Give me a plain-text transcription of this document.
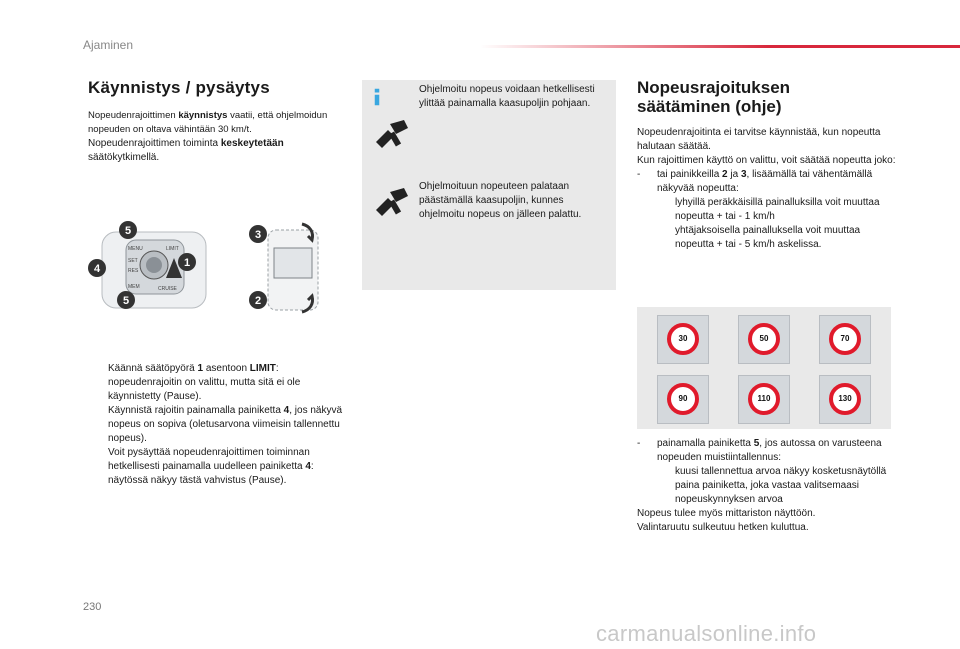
Ajaminen
Käynnistys / pysäytys
Nopeudenrajoittimen käynnistys vaatii, että ohjelmoidun nopeuden on oltava vähintään 30 km/t.
Nopeudenrajoittimen toiminta keskeytetään säätökytkimellä.
MENU
SET
RES
LIMIT
CRUISE
MEM
5
4
5
1
3
2

Käännä säätöpyörä 1 asentoon LIMIT: nopeudenrajoitin on valittu, mutta sitä ei ole käynnistetty (Pause).

Käynnistä rajoitin painamalla painiketta 4, jos näkyvä nopeus on sopiva (oletusarvona viimeisin tallennettu nopeus).

Voit pysäyttää nopeudenrajoittimen toiminnan hetkellisesti painamalla uudelleen painiketta 4: näytössä näkyy tästä vahvistus (Pause).

Ohjelmoitu nopeus voidaan hetkellisesti ylittää painamalla kaasupoljin pohjaan.
Ohjelmoituun nopeuteen palataan päästämällä kaasupoljin, kunnes ohjelmoitu nopeus on jälleen palattu.
Nopeusrajoituksen säätäminen (ohje)

Nopeudenrajoitinta ei tarvitse käynnistää, kun nopeutta halutaan säätää.

Kun rajoittimen käyttö on valittu, voit säätää nopeutta joko:

- tai painikkeilla 2 ja 3, lisäämällä tai vähentämällä näkyvää nopeutta:

lyhyillä peräkkäisillä painalluksilla voit muuttaa nopeutta + tai - 1 km/h

yhtäjaksoisella painalluksella voit muuttaa nopeutta + tai - 5 km/h askelissa.

30	50	70
90	110	130

- painamalla painiketta 5, jos autossa on varusteena nopeuden muistiintallennus:

kuusi tallennettua arvoa näkyy kosketusnäytöllä

paina painiketta, joka vastaa valitsemaasi nopeuskynnyksen arvoa

Nopeus tulee myös mittariston näyttöön.

Valintaruutu sulkeutuu hetken kuluttua.

230
carmanualsonline.info
